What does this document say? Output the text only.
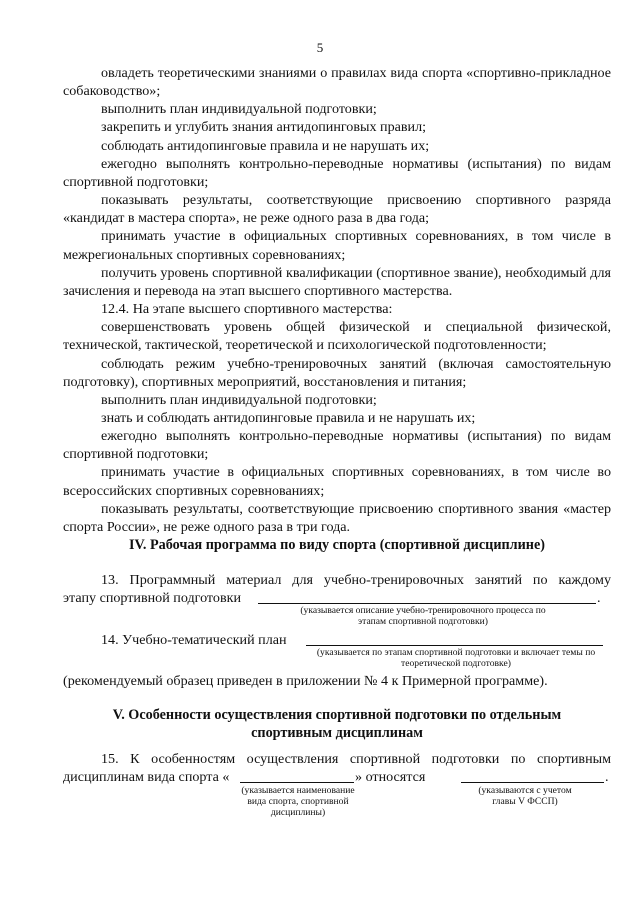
5

овладеть теоретическими знаниями о правилах вида спорта «спортивно-прикладное собаководство»;

выполнить план индивидуальной подготовки;

закрепить и углубить знания антидопинговых правил;

соблюдать антидопинговые правила и не нарушать их;

ежегодно выполнять контрольно-переводные нормативы (испытания) по видам спортивной подготовки;

показывать результаты, соответствующие присвоению спортивного разряда «кандидат в мастера спорта», не реже одного раза в два года;

принимать участие в официальных спортивных соревнованиях, в том числе в межрегиональных спортивных соревнованиях;

получить уровень спортивной квалификации (спортивное звание), необходимый для зачисления и перевода на этап высшего спортивного мастерства.

12.4. На этапе высшего спортивного мастерства:

совершенствовать уровень общей физической и специальной физической, технической, тактической, теоретической и психологической подготовленности;

соблюдать режим учебно-тренировочных занятий (включая самостоятельную подготовку), спортивных мероприятий, восстановления и питания;

выполнить план индивидуальной подготовки;

знать и соблюдать антидопинговые правила и не нарушать их;

ежегодно выполнять контрольно-переводные нормативы (испытания) по видам спортивной подготовки;

принимать участие в официальных спортивных соревнованиях, в том числе во всероссийских спортивных соревнованиях;

показывать результаты, соответствующие присвоению спортивного звания «мастер спорта России», не реже одного раза в три года.

IV. Рабочая программа по виду спорта (спортивной дисциплине)
13. Программный материал для учебно-тренировочных занятий по каждому
этапу спортивной подготовки	.
(указывается описание учебно-тренировочного процесса по этапам спортивной подготовки)
14. Учебно-тематический план
(указывается по этапам спортивной подготовки и включает темы по теоретической подготовке)
(рекомендуемый образец приведен в приложении № 4 к Примерной программе).
V. Особенности осуществления спортивной подготовки по отдельным спортивным дисциплинам
15. К особенностям осуществления спортивной подготовки по спортивным
дисциплинам вида спорта «	» относятся	.
(указывается наименование вида спорта, спортивной дисциплины)
(указываются с учетом главы V ФССП)
